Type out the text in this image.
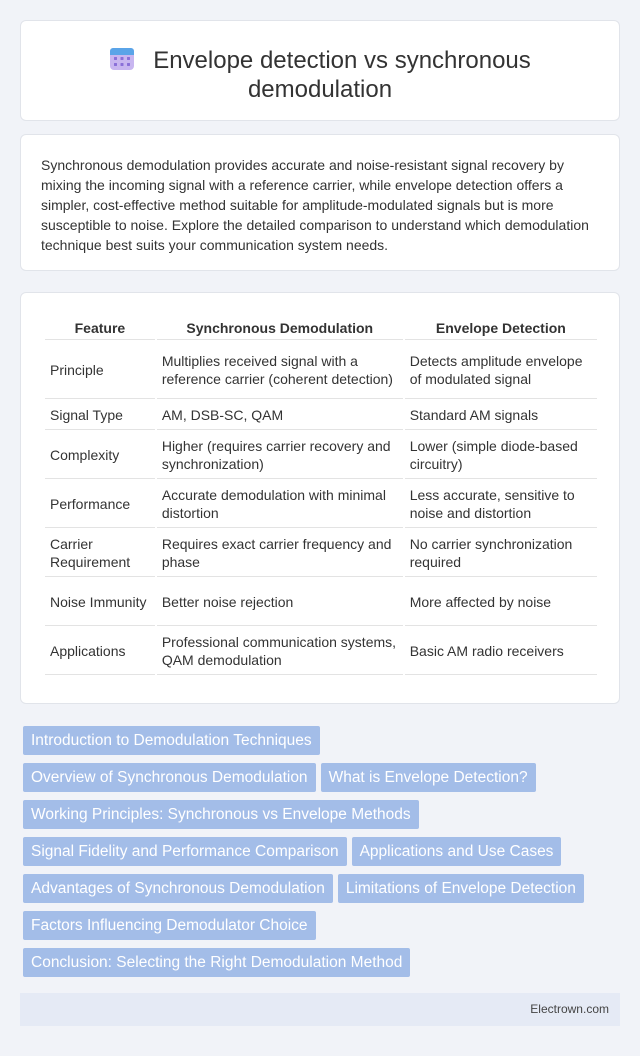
Envelope detection vs synchronous
demodulation

Synchronous demodulation provides accurate and noise-resistant signal recovery by mixing the incoming signal with a reference carrier, while envelope detection offers a simpler, cost-effective method suitable for amplitude-modulated signals but is more susceptible to noise. Explore the detailed comparison to understand which demodulation technique best suits your communication system needs.

Feature	Synchronous Demodulation	Envelope Detection
Principle	Multiplies received signal with a reference carrier (coherent detection)	Detects amplitude envelope of modulated signal
Signal Type	AM, DSB-SC, QAM	Standard AM signals
Complexity	Higher (requires carrier recovery and synchronization)	Lower (simple diode-based circuitry)
Performance	Accurate demodulation with minimal distortion	Less accurate, sensitive to noise and distortion
Carrier Requirement	Requires exact carrier frequency and phase	No carrier synchronization required
Noise Immunity	Better noise rejection	More affected by noise
Applications	Professional communication systems, QAM demodulation	Basic AM radio receivers
Introduction to Demodulation Techniques
Overview of Synchronous Demodulation What is Envelope Detection?
Working Principles: Synchronous vs Envelope Methods
Signal Fidelity and Performance Comparison Applications and Use Cases
Advantages of Synchronous Demodulation Limitations of Envelope Detection
Factors Influencing Demodulator Choice
Conclusion: Selecting the Right Demodulation Method
Electrown.com
